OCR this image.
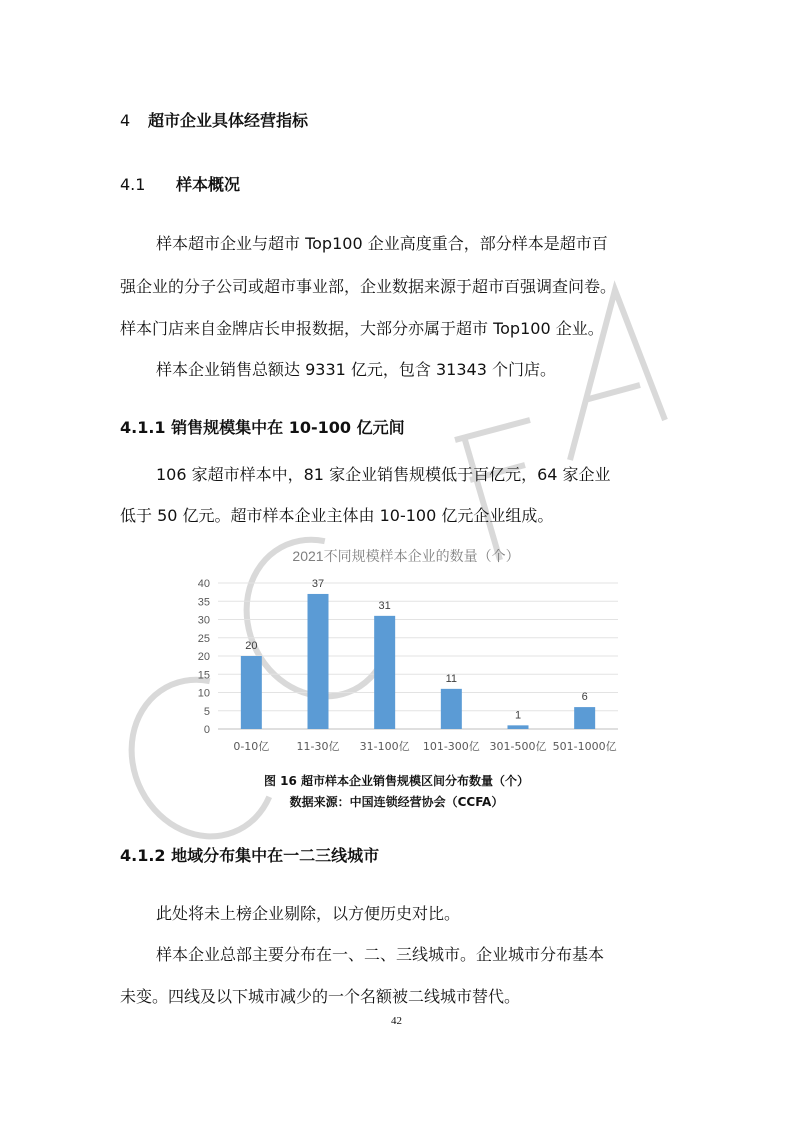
4 超市企业具体经营指标
4.1 样本概况

样本超市企业与超市 Top100 企业高度重合，部分样本是超市百

强企业的分子公司或超市事业部，企业数据来源于超市百强调查问卷。

样本门店来自金牌店长申报数据，大部分亦属于超市 Top100 企业。

样本企业销售总额达 9331 亿元，包含 31343 个门店。

4.1.1 销售规模集中在 10-100 亿元间

106 家超市样本中，81 家企业销售规模低于百亿元，64 家企业

低于 50 亿元。超市样本企业主体由 10-100 亿元企业组成。

2021不同规模样本企业的数量（个）
0
5
10
15
20
25
30
35
40
20
0-10亿
37
11-30亿
31
31-100亿
11
101-300亿
1
301-500亿
6
501-1000亿

图 16 超市样本企业销售规模区间分布数量（个）

数据来源：中国连锁经营协会（CCFA）

4.1.2 地域分布集中在一二三线城市

此处将未上榜企业剔除，以方便历史对比。

样本企业总部主要分布在一、二、三线城市。企业城市分布基本

未变。四线及以下城市减少的一个名额被二线城市替代。

42
